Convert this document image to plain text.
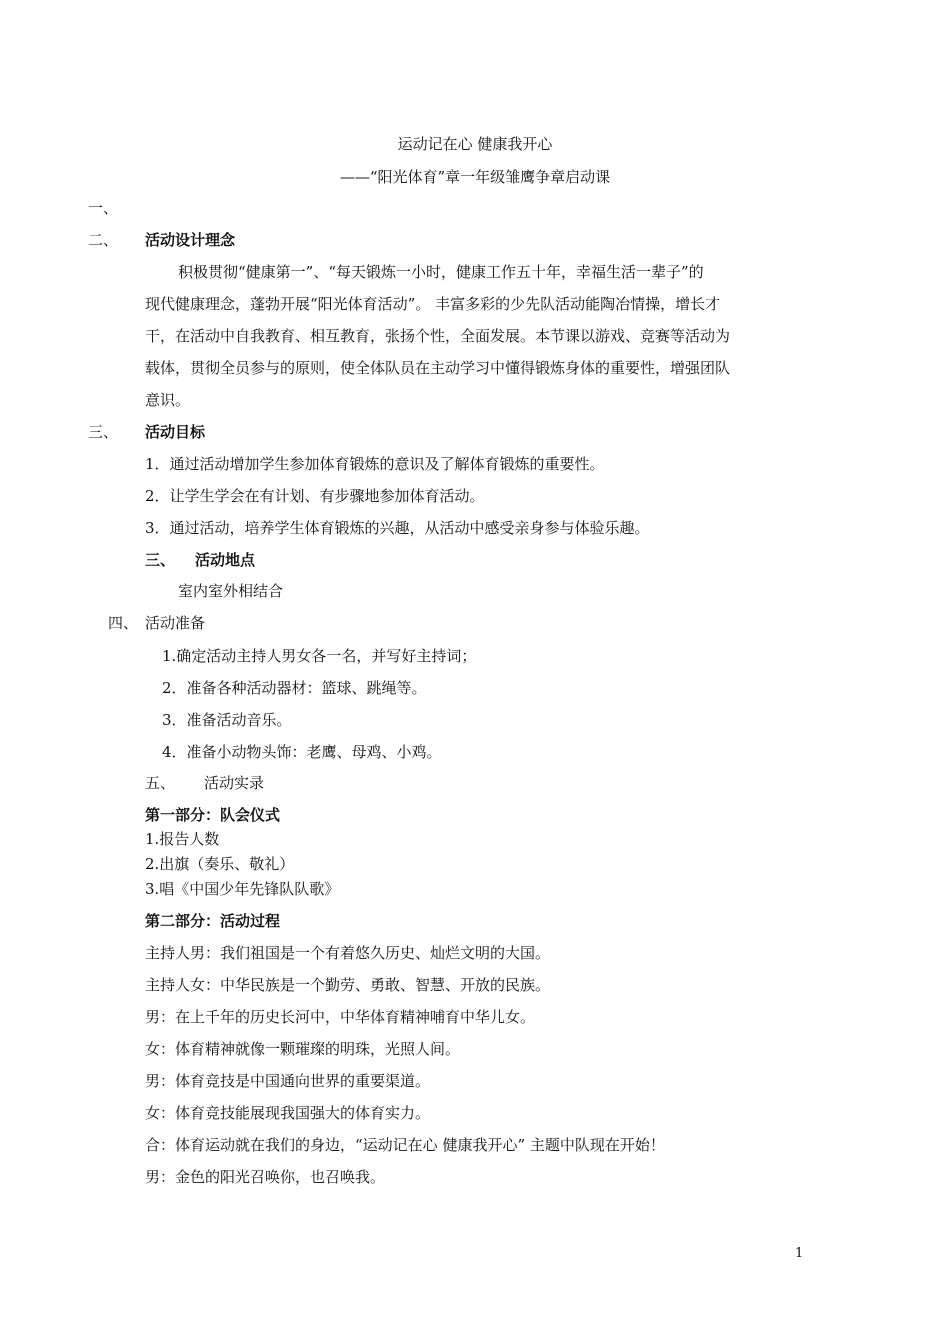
运动记在心 健康我开心
——“阳光体育”章一年级雏鹰争章启动课
一、
二、 活动设计理念
积极贯彻“健康第一”、“每天锻炼一小时，健康工作五十年，幸福生活一辈子”的
现代健康理念，蓬勃开展“阳光体育活动”。 丰富多彩的少先队活动能陶冶情操，增长才
干，在活动中自我教育、相互教育，张扬个性，全面发展。本节课以游戏、竞赛等活动为
载体，贯彻全员参与的原则，使全体队员在主动学习中懂得锻炼身体的重要性，增强团队
意识。
三、 活动目标
1．通过活动增加学生参加体育锻炼的意识及了解体育锻炼的重要性。
2．让学生学会在有计划、有步骤地参加体育活动。
3．通过活动，培养学生体育锻炼的兴趣，从活动中感受亲身参与体验乐趣。
三、 活动地点
室内室外相结合
四、 活动准备
1.确定活动主持人男女各一名，并写好主持词；
2．准备各种活动器材：篮球、跳绳等。
3．准备活动音乐。
4．准备小动物头饰：老鹰、母鸡、小鸡。
五、 活动实录
第一部分：队会仪式
1.报告人数
2.出旗（奏乐、敬礼）
3.唱《中国少年先锋队队歌》
第二部分：活动过程
主持人男：我们祖国是一个有着悠久历史、灿烂文明的大国。
主持人女：中华民族是一个勤劳、勇敢、智慧、开放的民族。
男：在上千年的历史长河中，中华体育精神哺育中华儿女。
女：体育精神就像一颗璀璨的明珠，光照人间。
男：体育竞技是中国通向世界的重要渠道。
女：体育竞技能展现我国强大的体育实力。
合：体育运动就在我们的身边，“运动记在心 健康我开心” 主题中队现在开始！
男：金色的阳光召唤你，也召唤我。
1
